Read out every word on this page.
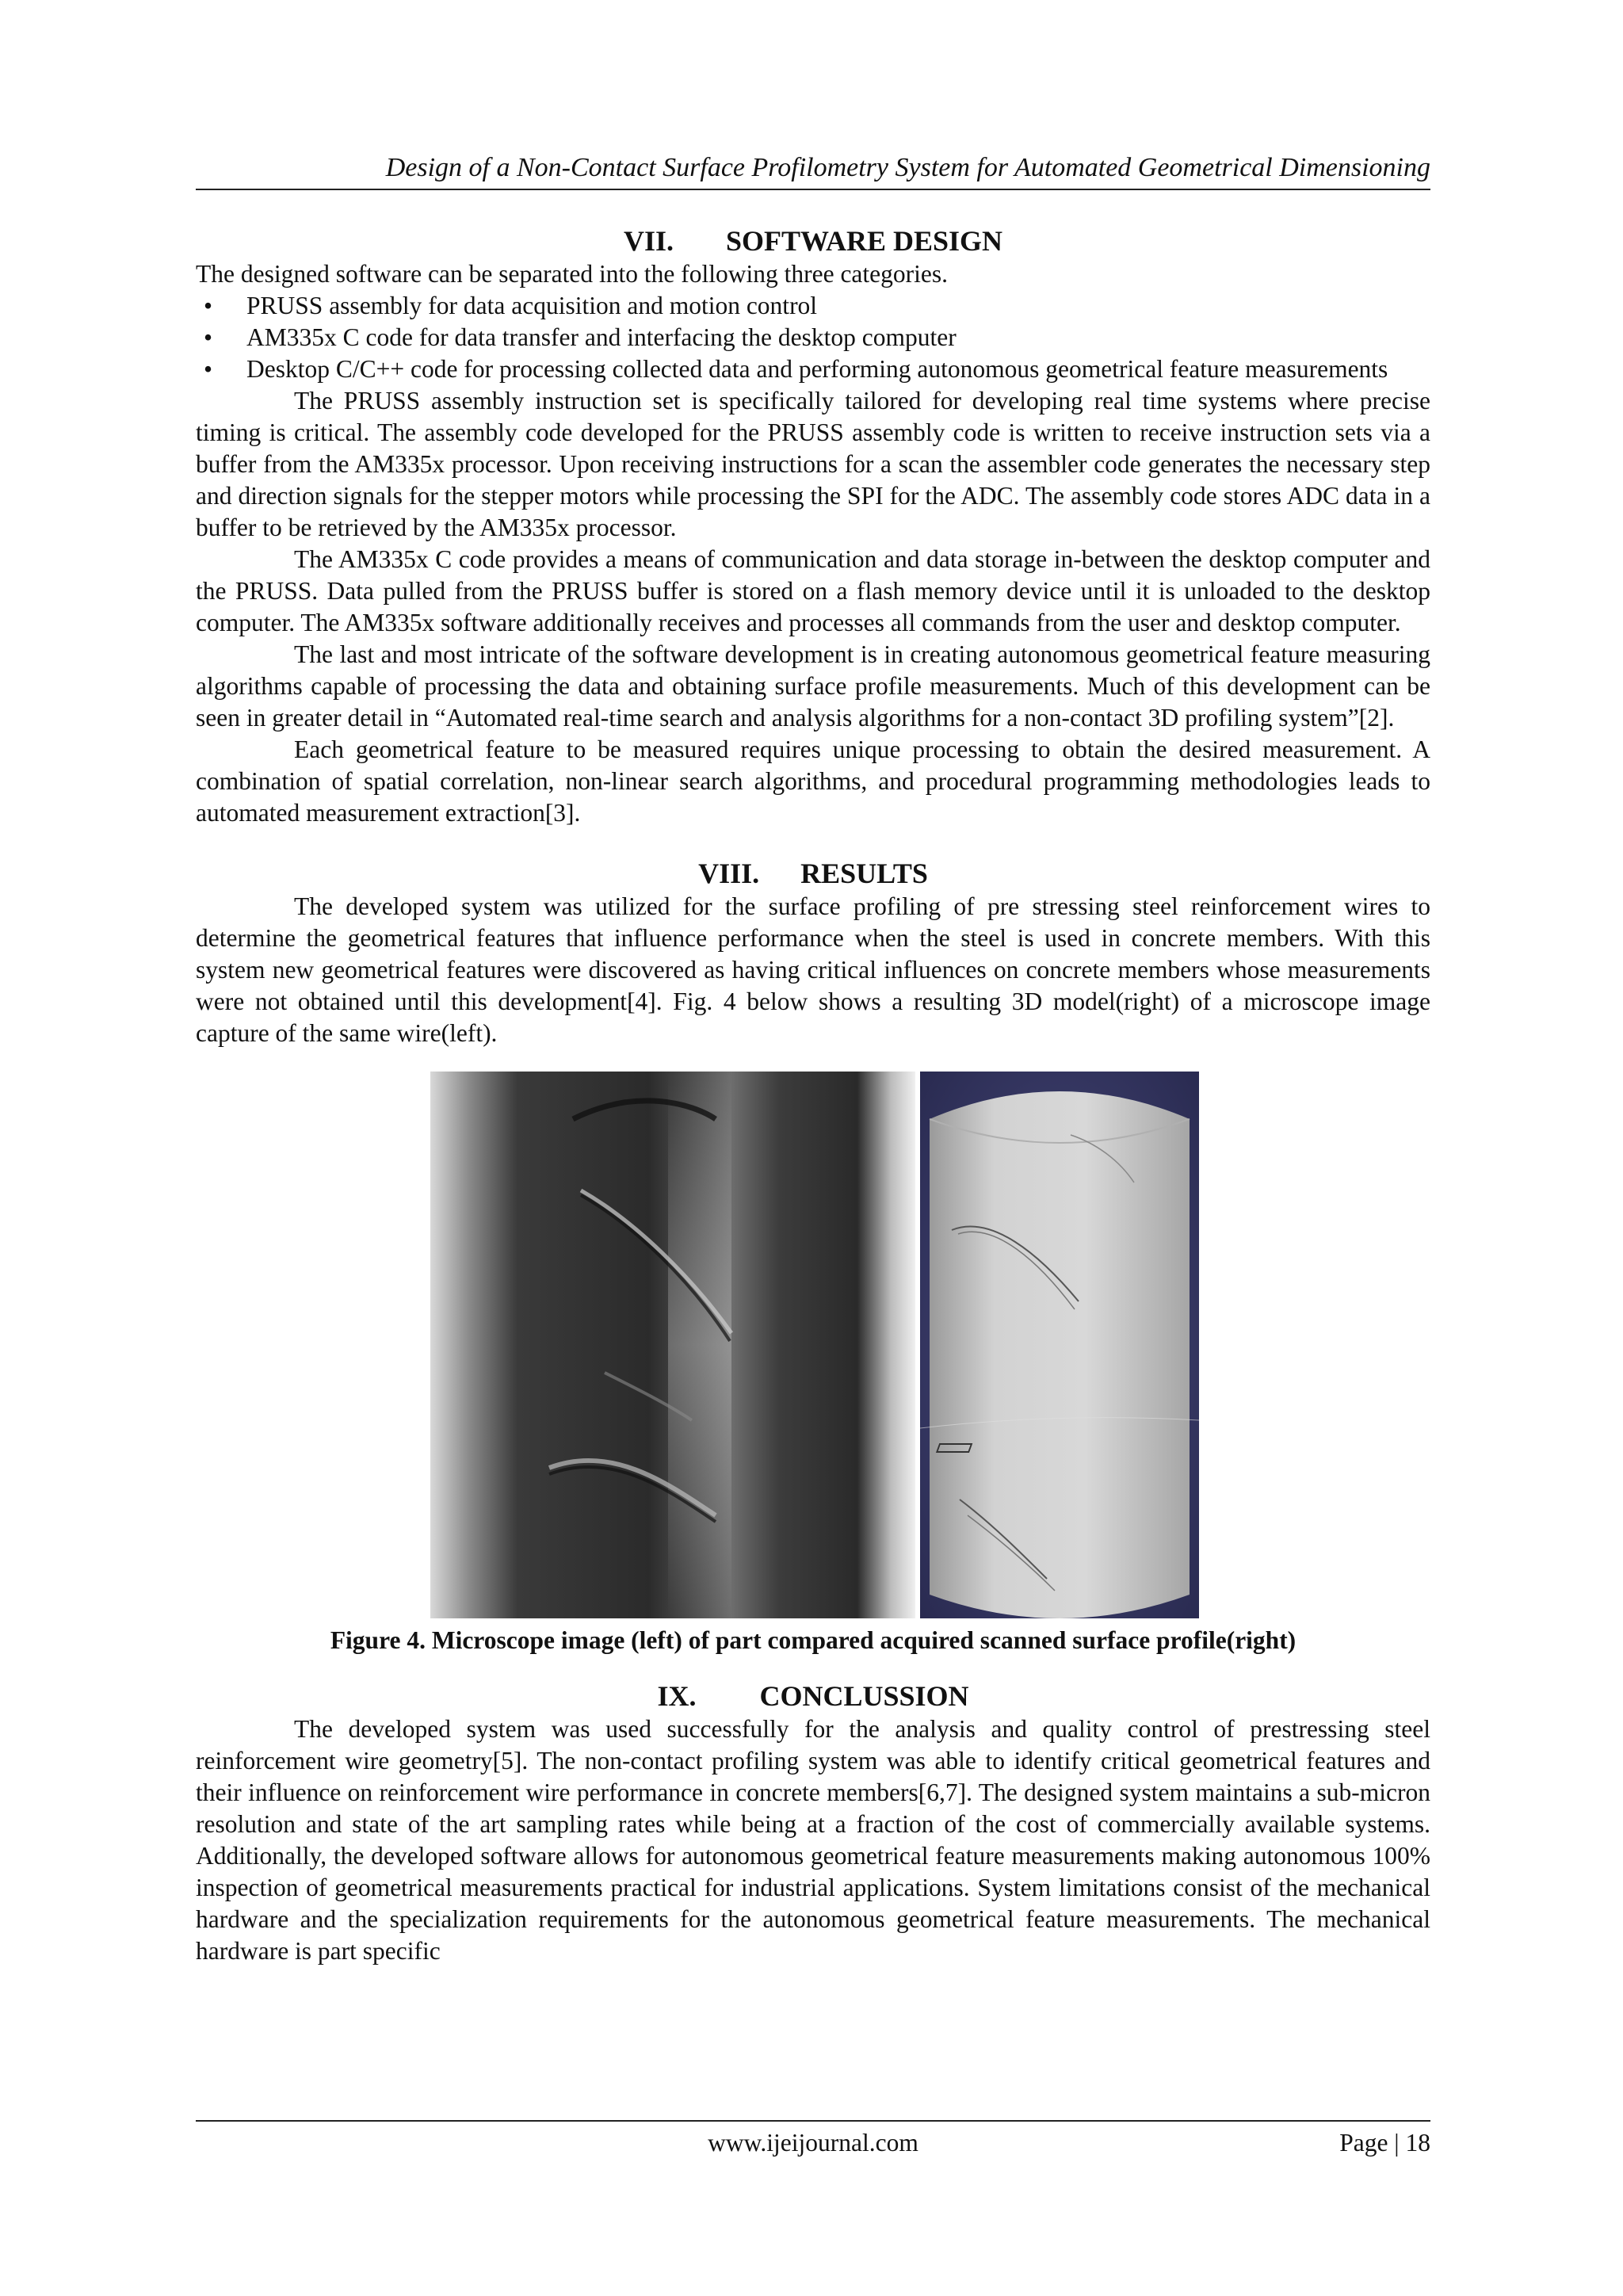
Design of a Non-Contact Surface Profilometry System for Automated Geometrical Dimensioning
VII. SOFTWARE DESIGN

The designed software can be separated into the following three categories.

• PRUSS assembly for data acquisition and motion control
• AM335x C code for data transfer and interfacing the desktop computer
• Desktop C/C++ code for processing collected data and performing autonomous geometrical feature measurements

The PRUSS assembly instruction set is specifically tailored for developing real time systems where precise timing is critical. The assembly code developed for the PRUSS assembly code is written to receive instruction sets via a buffer from the AM335x processor. Upon receiving instructions for a scan the assembler code generates the necessary step and direction signals for the stepper motors while processing the SPI for the ADC. The assembly code stores ADC data in a buffer to be retrieved by the AM335x processor.

The AM335x C code provides a means of communication and data storage in-between the desktop computer and the PRUSS. Data pulled from the PRUSS buffer is stored on a flash memory device until it is unloaded to the desktop computer. The AM335x software additionally receives and processes all commands from the user and desktop computer.

The last and most intricate of the software development is in creating autonomous geometrical feature measuring algorithms capable of processing the data and obtaining surface profile measurements. Much of this development can be seen in greater detail in “Automated real-time search and analysis algorithms for a non-contact 3D profiling system”[2].

Each geometrical feature to be measured requires unique processing to obtain the desired measurement. A combination of spatial correlation, non-linear search algorithms, and procedural programming methodologies leads to automated measurement extraction[3].

VIII. RESULTS

The developed system was utilized for the surface profiling of pre stressing steel reinforcement wires to determine the geometrical features that influence performance when the steel is used in concrete members. With this system new geometrical features were discovered as having critical influences on concrete members whose measurements were not obtained until this development[4]. Fig. 4 below shows a resulting 3D model(right) of a microscope image capture of the same wire(left).

Figure 4. Microscope image (left) of part compared acquired scanned surface profile(right)
IX. CONCLUSSION

The developed system was used successfully for the analysis and quality control of prestressing steel reinforcement wire geometry[5]. The non-contact profiling system was able to identify critical geometrical features and their influence on reinforcement wire performance in concrete members[6,7]. The designed system maintains a sub-micron resolution and state of the art sampling rates while being at a fraction of the cost of commercially available systems. Additionally, the developed software allows for autonomous geometrical feature measurements making autonomous 100% inspection of geometrical measurements practical for industrial applications. System limitations consist of the mechanical hardware and the specialization requirements for the autonomous geometrical feature measurements. The mechanical hardware is part specific

www.ijeijournal.com	Page | 18
